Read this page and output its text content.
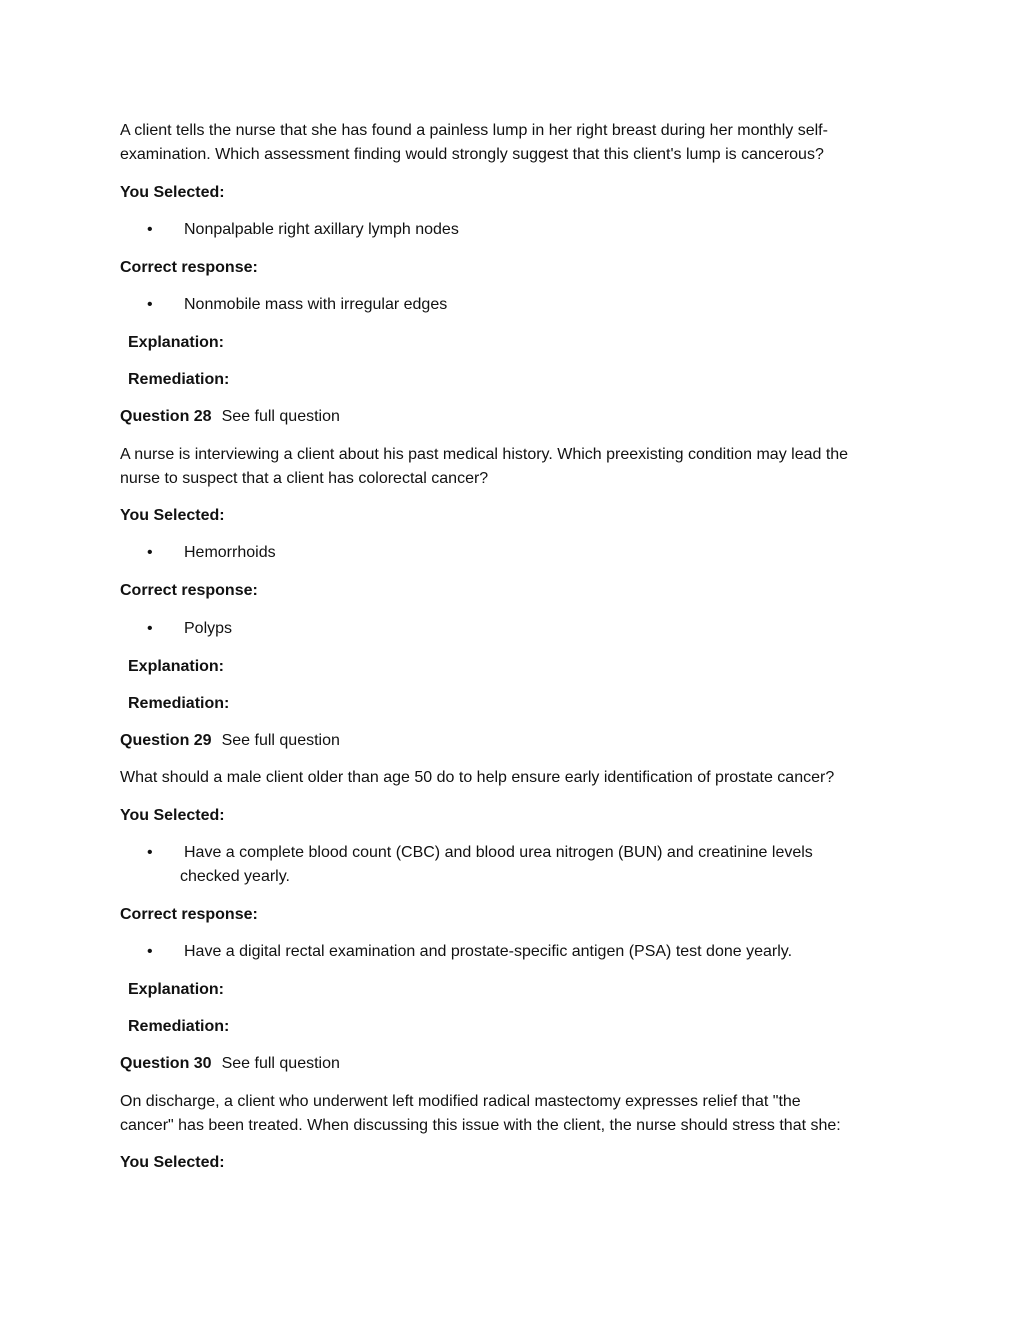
A client tells the nurse that she has found a painless lump in her right breast during her monthly self-
examination. Which assessment finding would strongly suggest that this client's lump is cancerous?
You Selected:
• Nonpalpable right axillary lymph nodes
Correct response:
• Nonmobile mass with irregular edges
Explanation:
Remediation:
Question 28 See full question
A nurse is interviewing a client about his past medical history. Which preexisting condition may lead the
nurse to suspect that a client has colorectal cancer?
You Selected:
• Hemorrhoids
Correct response:
• Polyps
Explanation:
Remediation:
Question 29 See full question
What should a male client older than age 50 do to help ensure early identification of prostate cancer?
You Selected:
• Have a complete blood count (CBC) and blood urea nitrogen (BUN) and creatinine levels
checked yearly.
Correct response:
• Have a digital rectal examination and prostate-specific antigen (PSA) test done yearly.
Explanation:
Remediation:
Question 30 See full question
On discharge, a client who underwent left modified radical mastectomy expresses relief that "the
cancer" has been treated. When discussing this issue with the client, the nurse should stress that she:
You Selected:
